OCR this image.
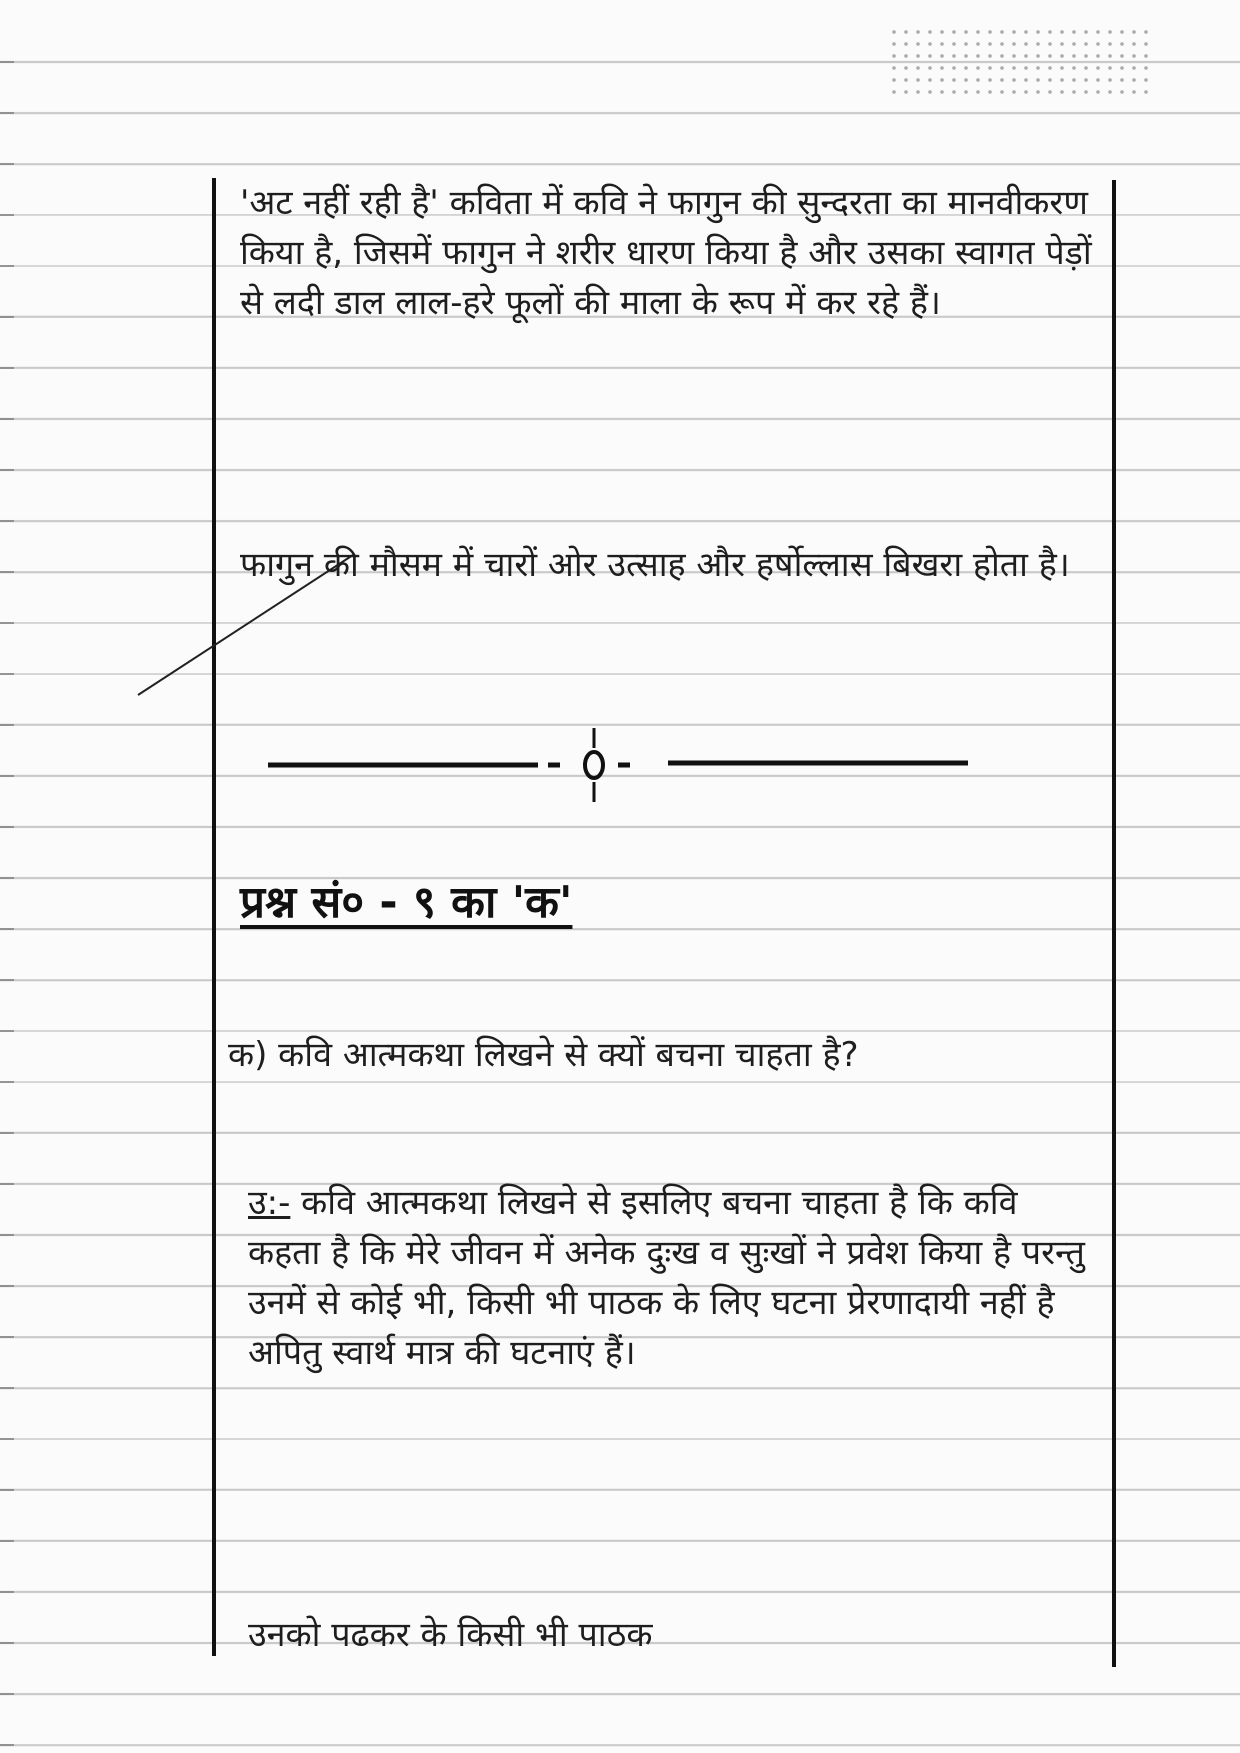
'अट नहीं रही है' कविता में कवि ने फागुन की सुन्दरता का मानवीकरण किया है, जिसमें फागुन ने शरीर धारण किया है और उसका स्वागत पेड़ों से लदी डाल लाल-हरे फूलों की माला के रूप में कर रहे हैं।

फागुन की मौसम में चारों ओर उत्साह और हर्षोल्लास बिखरा होता है।

प्रश्न सं० - ९ का 'क'

क) कवि आत्मकथा लिखने से क्यों बचना चाहता है?

उ:- कवि आत्मकथा लिखने से इसलिए बचना चाहता है कि कवि कहता है कि मेरे जीवन में अनेक दुःख व सुःखों ने प्रवेश किया है परन्तु उनमें से कोई भी, किसी भी पाठक के लिए घटना प्रेरणादायी नहीं है अपितु स्वार्थ मात्र की घटनाएं हैं।

उनको पढकर के किसी भी पाठक
